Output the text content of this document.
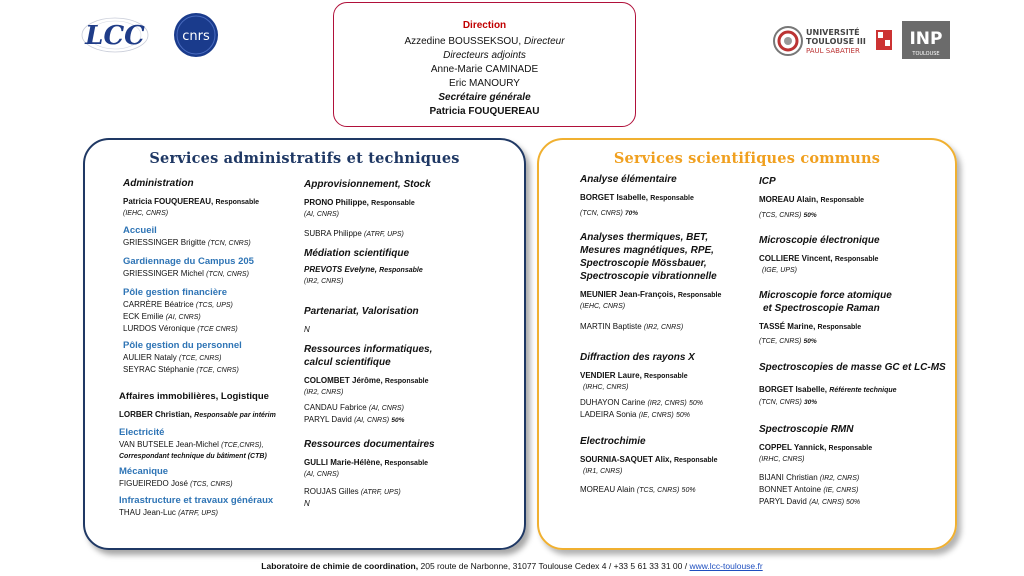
LCC	cnrs	UNIVERSITÉ
TOULOUSE III
PAUL SABATIER
INP
TOULOUSE
Direction
Azzedine BOUSSEKSOU, Directeur
Directeurs adjoints
Anne-Marie CAMINADE
Eric MANOURY
Secrétaire générale
Patricia FOUQUEREAU
Services administratifs et techniques
Administration
Patricia FOUQUEREAU, Responsable
(IEHC, CNRS)
Accueil
GRIESSINGER Brigitte (TCN, CNRS)
Gardiennage du Campus 205
GRIESSINGER Michel (TCN, CNRS)
Pôle gestion financière
CARRÈRE Béatrice (TCS, UPS)
ECK Emilie (AI, CNRS)
LURDOS Véronique (TCE CNRS)
Pôle gestion du personnel
AULIER Nataly (TCE, CNRS)
SEYRAC Stéphanie (TCE, CNRS)
Affaires immobilières, Logistique
LORBER Christian, Responsable par intérim
Electricité
VAN BUTSELE Jean-Michel (TCE,CNRS),
Correspondant technique du bâtiment (CTB)
Mécanique
FIGUEIREDO José (TCS, CNRS)
Infrastructure et travaux généraux
THAU Jean-Luc (ATRF, UPS)
Approvisionnement, Stock
PRONO Philippe, Responsable
(AI, CNRS)
SUBRA Philippe (ATRF, UPS)
Médiation scientifique
PREVOTS Evelyne, Responsable
(IR2, CNRS)
Partenariat, Valorisation
N
Ressources informatiques,
calcul scientifique
COLOMBET Jérôme, Responsable
(IR2, CNRS)
CANDAU Fabrice (AI, CNRS)
PARYL David (AI, CNRS) 50%
Ressources documentaires
GULLI Marie-Hélène, Responsable
(AI, CNRS)
ROUJAS Gilles (ATRF, UPS)
N
Services scientifiques communs
Analyse élémentaire
BORGET Isabelle, Responsable
(TCN, CNRS) 70%
Analyses thermiques, BET,
Mesures magnétiques, RPE,
Spectroscopie Mössbauer,
Spectroscopie vibrationnelle
MEUNIER Jean-François, Responsable
(IEHC, CNRS)
MARTIN Baptiste (IR2, CNRS)
Diffraction des rayons X
VENDIER Laure, Responsable
(IRHC, CNRS)
DUHAYON Carine (IR2, CNRS) 50%
LADEIRA Sonia (IE, CNRS) 50%
Electrochimie
SOURNIA-SAQUET Alix, Responsable
(IR1, CNRS)
MOREAU Alain (TCS, CNRS) 50%
ICP
MOREAU Alain, Responsable
(TCS, CNRS) 50%
Microscopie électronique
COLLIERE Vincent, Responsable
(IGE, UPS)
Microscopie force atomique
et Spectroscopie Raman
TASSÉ Marine, Responsable
(TCE, CNRS) 50%
Spectroscopies de masse GC et LC-MS
BORGET Isabelle, Référente technique
(TCN, CNRS) 30%
Spectroscopie RMN
COPPEL Yannick, Responsable
(IRHC, CNRS)
BIJANI Christian (IR2, CNRS)
BONNET Antoine (IE, CNRS)
PARYL David (AI, CNRS) 50%
Laboratoire de chimie de coordination, 205 route de Narbonne, 31077 Toulouse Cedex 4 / +33 5 61 33 31 00 / www.lcc-toulouse.fr
